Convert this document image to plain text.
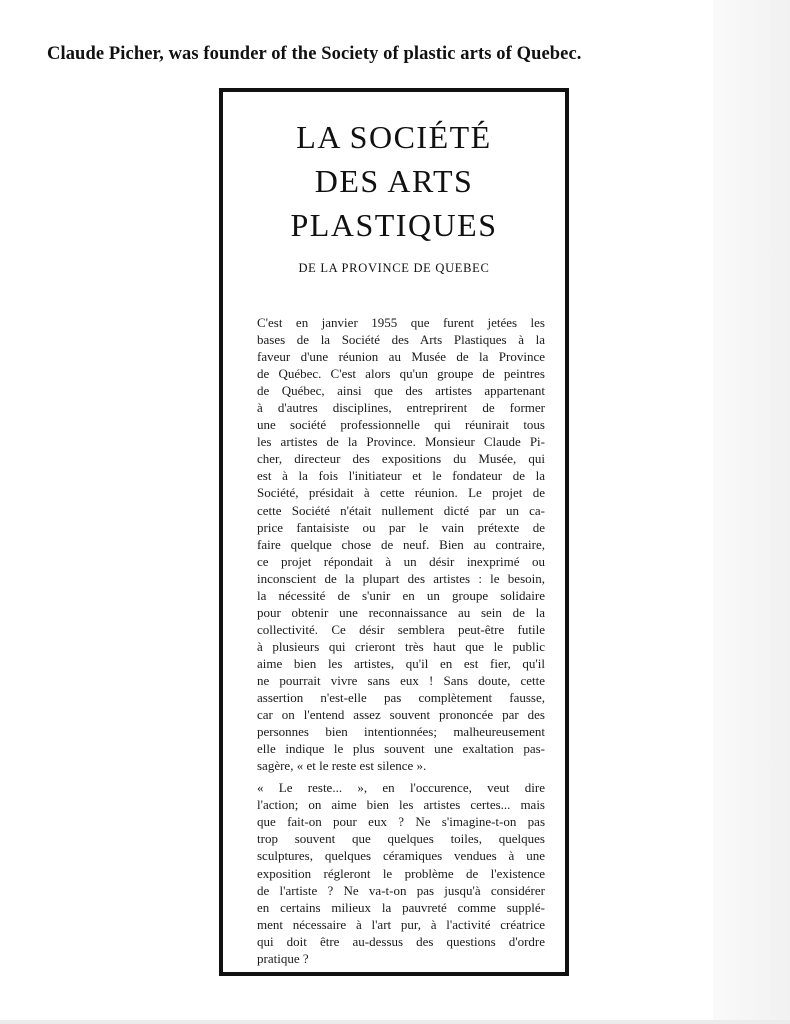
Claude Picher, was founder of the Society of plastic arts of Quebec.
LA SOCIÉTÉ
DES ARTS
PLASTIQUES
DE LA PROVINCE DE QUEBEC
C'est en janvier 1955 que furent jetées les
bases de la Société des Arts Plastiques à la
faveur d'une réunion au Musée de la Province
de Québec. C'est alors qu'un groupe de peintres
de Québec, ainsi que des artistes appartenant
à d'autres disciplines, entreprirent de former
une société professionnelle qui réunirait tous
les artistes de la Province. Monsieur Claude Pi-
cher, directeur des expositions du Musée, qui
est à la fois l'initiateur et le fondateur de la
Société, présidait à cette réunion. Le projet de
cette Société n'était nullement dicté par un ca-
price fantaisiste ou par le vain prétexte de
faire quelque chose de neuf. Bien au contraire,
ce projet répondait à un désir inexprimé ou
inconscient de la plupart des artistes : le besoin,
la nécessité de s'unir en un groupe solidaire
pour obtenir une reconnaissance au sein de la
collectivité. Ce désir semblera peut-être futile
à plusieurs qui crieront très haut que le public
aime bien les artistes, qu'il en est fier, qu'il
ne pourrait vivre sans eux ! Sans doute, cette
assertion n'est-elle pas complètement fausse,
car on l'entend assez souvent prononcée par des
personnes bien intentionnées; malheureusement
elle indique le plus souvent une exaltation pas-
sagère, « et le reste est silence ».
« Le reste... », en l'occurence, veut dire
l'action; on aime bien les artistes certes... mais
que fait-on pour eux ? Ne s'imagine-t-on pas
trop souvent que quelques toiles, quelques
sculptures, quelques céramiques vendues à une
exposition régleront le problème de l'existence
de l'artiste ? Ne va-t-on pas jusqu'à considérer
en certains milieux la pauvreté comme supplé-
ment nécessaire à l'art pur, à l'activité créatrice
qui doit être au-dessus des questions d'ordre
pratique ?
